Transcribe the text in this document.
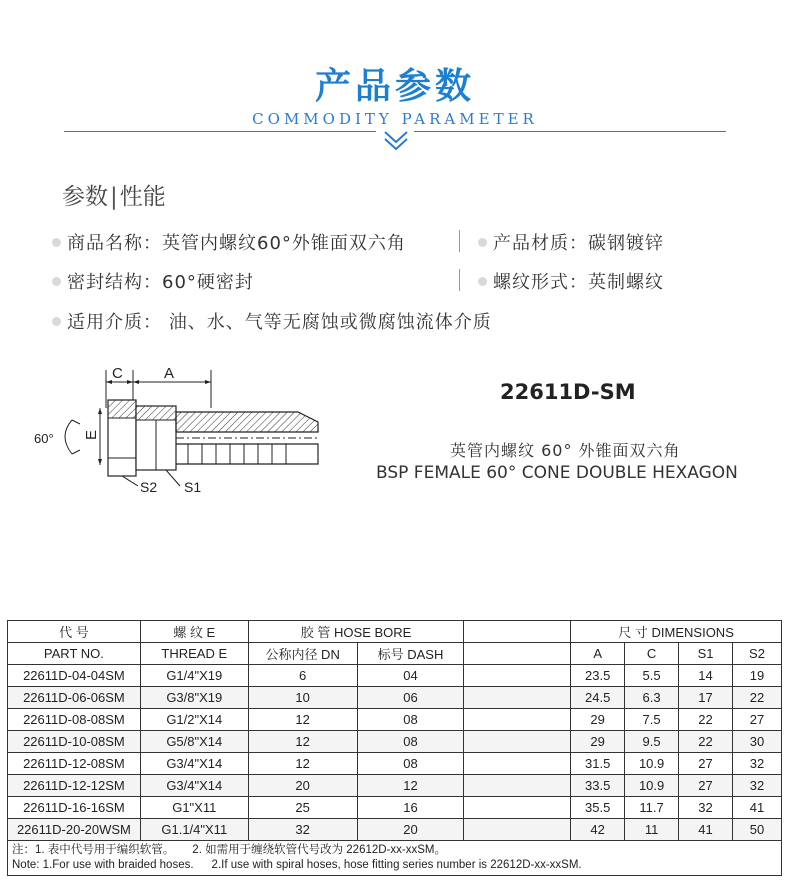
产品参数
COMMODITY PARAMETER
参数|性能
商品名称：英管内螺纹60°外锥面双六角	产品材质：碳钢镀锌
密封结构：60°硬密封	螺纹形式：英制螺纹
适用介质： 油、水、气等无腐蚀或微腐蚀流体介质
C	A
E
60°
S2 S1
22611D-SM
英管内螺纹 60° 外锥面双六角
BSP FEMALE 60° CONE DOUBLE HEXAGON
代 号	螺 纹 E	胶 管 HOSE BORE			尺 寸 DIMENSIONS			
PART NO.	THREAD E	公称内径 DN	标号 DASH		A	C	S1	S2
22611D-04-04SM	G1/4"X19	6	04		23.5	5.5	14	19
22611D-06-06SM	G3/8"X19	10	06		24.5	6.3	17	22
22611D-08-08SM	G1/2"X14	12	08		29	7.5	22	27
22611D-10-08SM	G5/8"X14	12	08		29	9.5	22	30
22611D-12-08SM	G3/4"X14	12	08		31.5	10.9	27	32
22611D-12-12SM	G3/4"X14	20	12		33.5	10.9	27	32
22611D-16-16SM	G1"X11	25	16		35.5	11.7	32	41
22611D-20-20WSM	G1.1/4"X11	32	20		42	11	41	50

注：1. 表中代号用于编织软管。 2. 如需用于缠绕软管代号改为 22612D-xx-xxSM。
Note: 1.For use with braided hoses. 2.If use with spiral hoses, hose fitting series number is 22612D-xx-xxSM.								
